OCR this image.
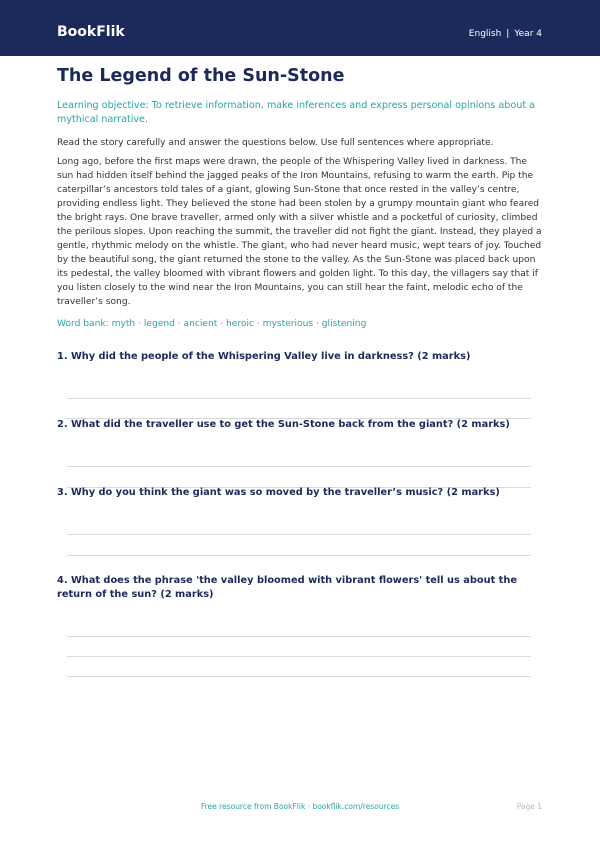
BookFlik	English | Year 4
The Legend of the Sun-Stone

Learning objective: To retrieve information, make inferences and express personal opinions about a mythical narrative.

Read the story carefully and answer the questions below. Use full sentences where appropriate.

Long ago, before the first maps were drawn, the people of the Whispering Valley lived in darkness. The sun had hidden itself behind the jagged peaks of the Iron Mountains, refusing to warm the earth. Pip the caterpillar’s ancestors told tales of a giant, glowing Sun-Stone that once rested in the valley’s centre, providing endless light. They believed the stone had been stolen by a grumpy mountain giant who feared the bright rays. One brave traveller, armed only with a silver whistle and a pocketful of curiosity, climbed the perilous slopes. Upon reaching the summit, the traveller did not fight the giant. Instead, they played a gentle, rhythmic melody on the whistle. The giant, who had never heard music, wept tears of joy. Touched by the beautiful song, the giant returned the stone to the valley. As the Sun-Stone was placed back upon its pedestal, the valley bloomed with vibrant flowers and golden light. To this day, the villagers say that if you listen closely to the wind near the Iron Mountains, you can still hear the faint, melodic echo of the traveller’s song.

Word bank: myth · legend · ancient · heroic · mysterious · glistening

1. Why did the people of the Whispering Valley live in darkness? (2 marks)

2. What did the traveller use to get the Sun-Stone back from the giant? (2 marks)

3. Why do you think the giant was so moved by the traveller’s music? (2 marks)

4. What does the phrase 'the valley bloomed with vibrant flowers' tell us about the return of the sun? (2 marks)

Free resource from BookFlik · bookflik.com/resources	Page 1
